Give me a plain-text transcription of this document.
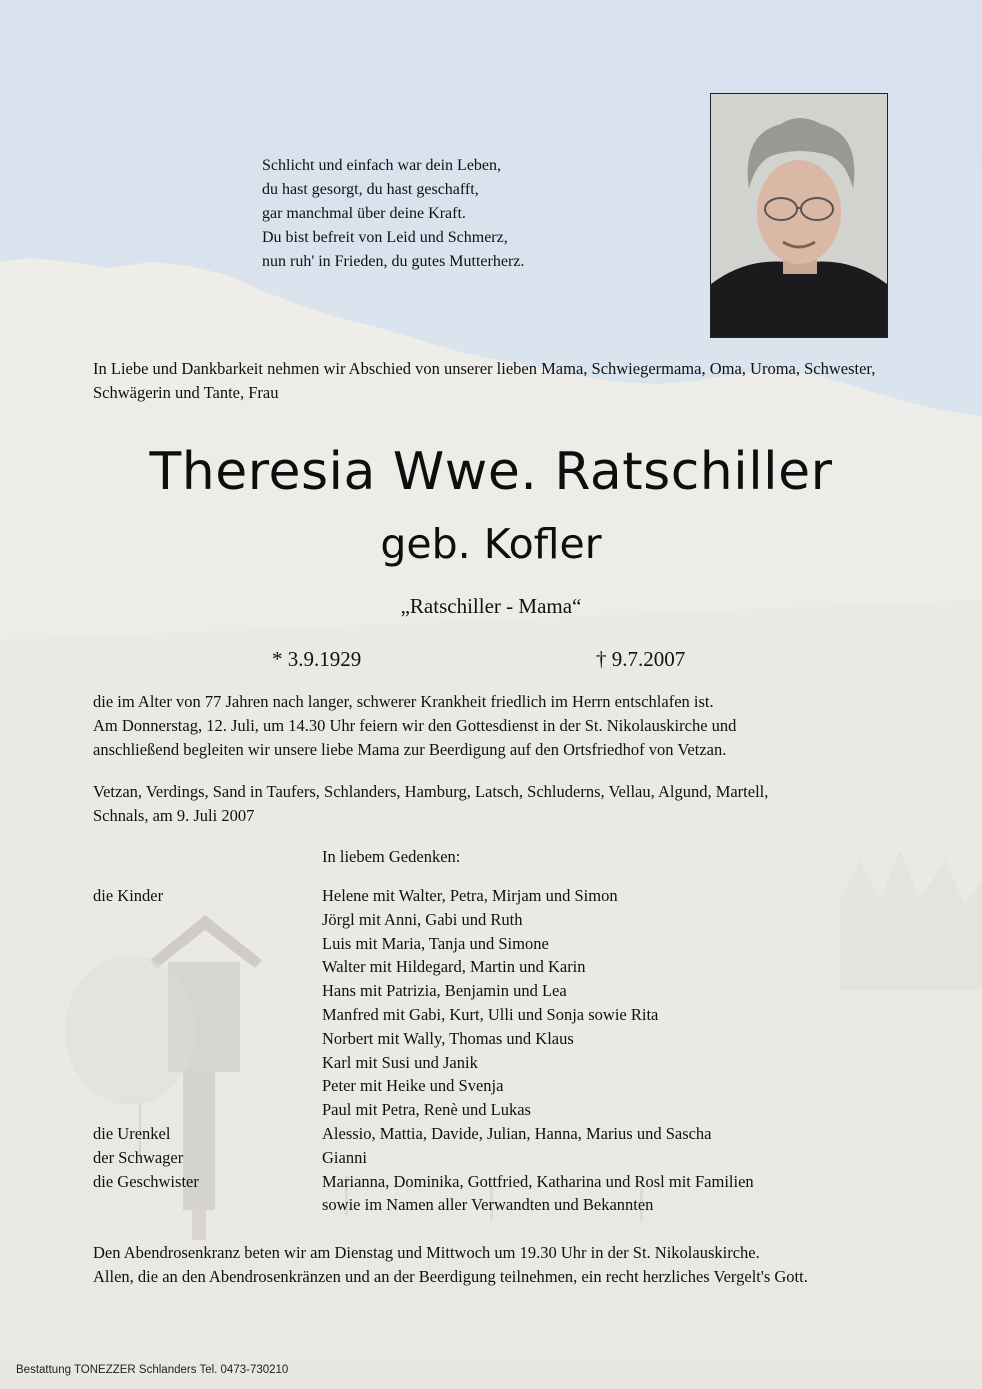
Schlicht und einfach war dein Leben,
du hast gesorgt, du hast geschafft,
gar manchmal über deine Kraft.
Du bist befreit von Leid und Schmerz,
nun ruh' in Frieden, du gutes Mutterherz.
In Liebe und Dankbarkeit nehmen wir Abschied von unserer lieben Mama, Schwiegermama, Oma, Uroma, Schwester, Schwägerin und Tante, Frau
Theresia Wwe. Ratschiller
geb. Kofler
„Ratschiller - Mama“
* 3.9.1929	† 9.7.2007
die im Alter von 77 Jahren nach langer, schwerer Krankheit friedlich im Herrn entschlafen ist.
Am Donnerstag, 12. Juli, um 14.30 Uhr feiern wir den Gottesdienst in der St. Nikolauskirche und
anschließend begleiten wir unsere liebe Mama zur Beerdigung auf den Ortsfriedhof von Vetzan.
Vetzan, Verdings, Sand in Taufers, Schlanders, Hamburg, Latsch, Schluderns, Vellau, Algund, Martell,
Schnals, am 9. Juli 2007
In liebem Gedenken:
die Kinder	Helene mit Walter, Petra, Mirjam und Simon
Jörgl mit Anni, Gabi und Ruth
Luis mit Maria, Tanja und Simone
Walter mit Hildegard, Martin und Karin
Hans mit Patrizia, Benjamin und Lea
Manfred mit Gabi, Kurt, Ulli und Sonja sowie Rita
Norbert mit Wally, Thomas und Klaus
Karl mit Susi und Janik
Peter mit Heike und Svenja
Paul mit Petra, Renè und Lukas
die Urenkel	Alessio, Mattia, Davide, Julian, Hanna, Marius und Sascha
der Schwager	Gianni
die Geschwister	Marianna, Dominika, Gottfried, Katharina und Rosl mit Familien
sowie im Namen aller Verwandten und Bekannten
Den Abendrosenkranz beten wir am Dienstag und Mittwoch um 19.30 Uhr in der St. Nikolauskirche.
Allen, die an den Abendrosenkränzen und an der Beerdigung teilnehmen, ein recht herzliches Vergelt's Gott.
Bestattung TONEZZER Schlanders Tel. 0473-730210
